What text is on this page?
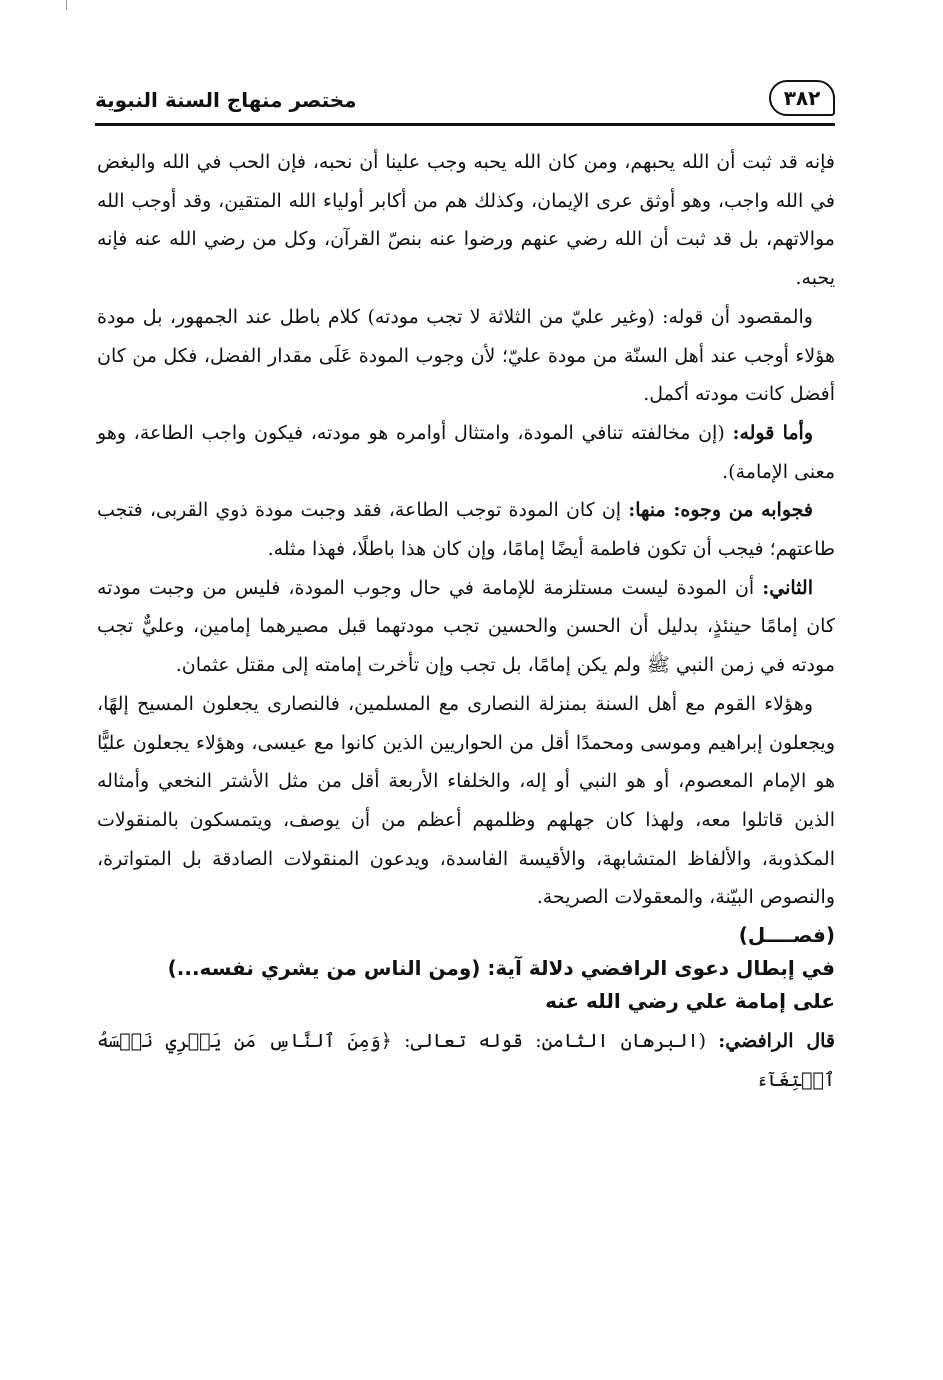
مختصر منهاج السنة النبوية	٣٨٢

فإنه قد ثبت أن الله يحبهم، ومن كان الله يحبه وجب علينا أن نحبه، فإن الحب في الله والبغض في الله واجب، وهو أوثق عرى الإيمان، وكذلك هم من أكابر أولياء الله المتقين، وقد أوجب الله موالاتهم، بل قد ثبت أن الله رضي عنهم ورضوا عنه بنصّ القرآن، وكل من رضي الله عنه فإنه يحبه.

والمقصود أن قوله: (وغير عليّ من الثلاثة لا تجب مودته) كلام باطل عند الجمهور، بل مودة هؤلاء أوجب عند أهل السنّة من مودة عليّ؛ لأن وجوب المودة عَلَى مقدار الفضل، فكل من كان أفضل كانت مودته أكمل.

وأما قوله: (إن مخالفته تنافي المودة، وامتثال أوامره هو مودته، فيكون واجب الطاعة، وهو معنى الإمامة).

فجوابه من وجوه: منها: إن كان المودة توجب الطاعة، فقد وجبت مودة ذوي القربى، فتجب طاعتهم؛ فيجب أن تكون فاطمة أيضًا إمامًا، وإن كان هذا باطلًا، فهذا مثله.

الثاني: أن المودة ليست مستلزمة للإمامة في حال وجوب المودة، فليس من وجبت مودته كان إمامًا حينئذٍ، بدليل أن الحسن والحسين تجب مودتهما قبل مصيرهما إمامين، وعليٌّ تجب مودته في زمن النبي ﷺ ولم يكن إمامًا، بل تجب وإن تأخرت إمامته إلى مقتل عثمان.

وهؤلاء القوم مع أهل السنة بمنزلة النصارى مع المسلمين، فالنصارى يجعلون المسيح إلهًا، ويجعلون إبراهيم وموسى ومحمدًا أقل من الحواريين الذين كانوا مع عيسى، وهؤلاء يجعلون عليًّا هو الإمام المعصوم، أو هو النبي أو إله، والخلفاء الأربعة أقل من مثل الأشتر النخعي وأمثاله الذين قاتلوا معه، ولهذا كان جهلهم وظلمهم أعظم من أن يوصف، ويتمسكون بالمنقولات المكذوبة، والألفاظ المتشابهة، والأقيسة الفاسدة، ويدعون المنقولات الصادقة بل المتواترة، والنصوص البيّنة، والمعقولات الصريحة.

(فصــــل)

في إبطال دعوى الرافضي دلالة آية: (ومن الناس من يشري نفسه...)

على إمامة علي رضي الله عنه

قال الرافضي: (البرهان الثامن: قوله تعالى: ﴿وَمِنَ ٱلنَّاسِ مَن يَشۡرِي نَفۡسَهُ ٱبۡتِغَآءَ
